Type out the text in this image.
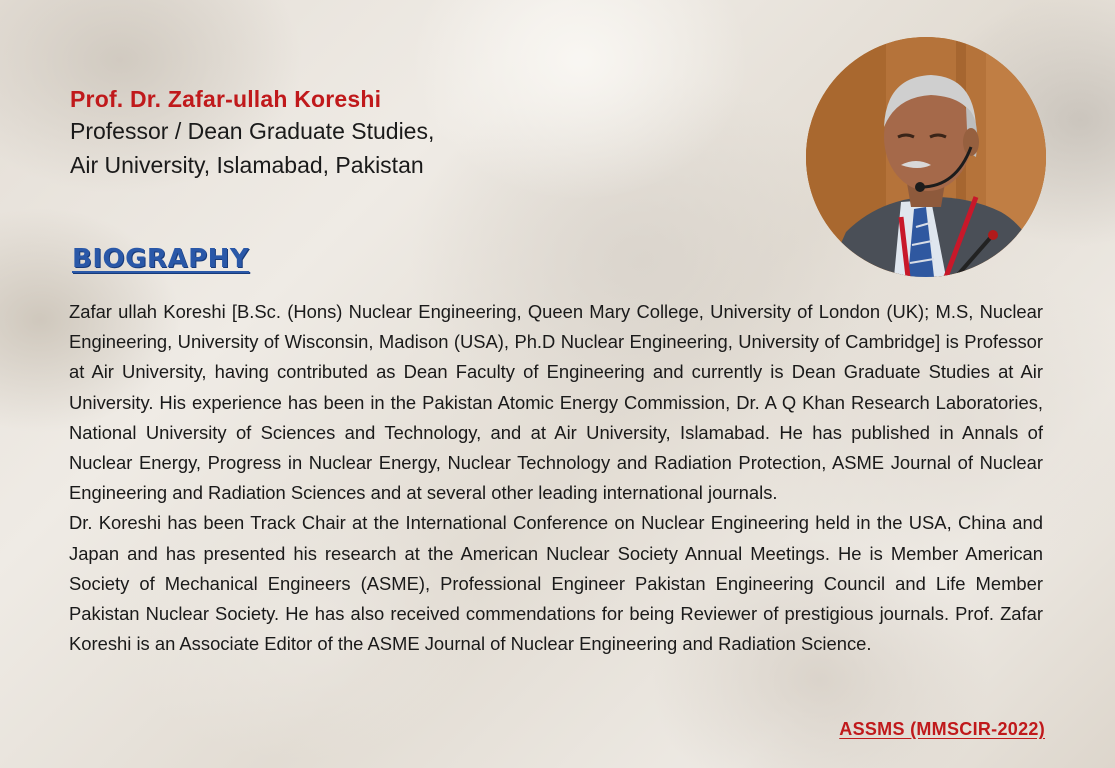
Prof. Dr. Zafar-ullah Koreshi

Professor / Dean Graduate Studies,

Air University, Islamabad, Pakistan

BIOGRAPHY

Zafar ullah Koreshi [B.Sc. (Hons) Nuclear Engineering, Queen Mary College, University of London (UK); M.S, Nuclear Engineering, University of Wisconsin, Madison (USA), Ph.D Nuclear Engineering, University of Cambridge] is Professor at Air University, having contributed as Dean Faculty of Engineering and currently is Dean Graduate Studies at Air University. His experience has been in the Pakistan Atomic Energy Commission, Dr. A Q Khan Research Laboratories, National University of Sciences and Technology, and at Air University, Islamabad. He has published in Annals of Nuclear Energy, Progress in Nuclear Energy, Nuclear Technology and Radiation Protection, ASME Journal of Nuclear Engineering and Radiation Sciences and at several other leading international journals.

Dr. Koreshi has been Track Chair at the International Conference on Nuclear Engineering held in the USA, China and Japan and has presented his research at the American Nuclear Society Annual Meetings. He is Member American Society of Mechanical Engineers (ASME), Professional Engineer Pakistan Engineering Council and Life Member Pakistan Nuclear Society. He has also received commendations for being Reviewer of prestigious journals. Prof. Zafar Koreshi is an Associate Editor of the ASME Journal of Nuclear Engineering and Radiation Science.

ASSMS (MMSCIR-2022)
